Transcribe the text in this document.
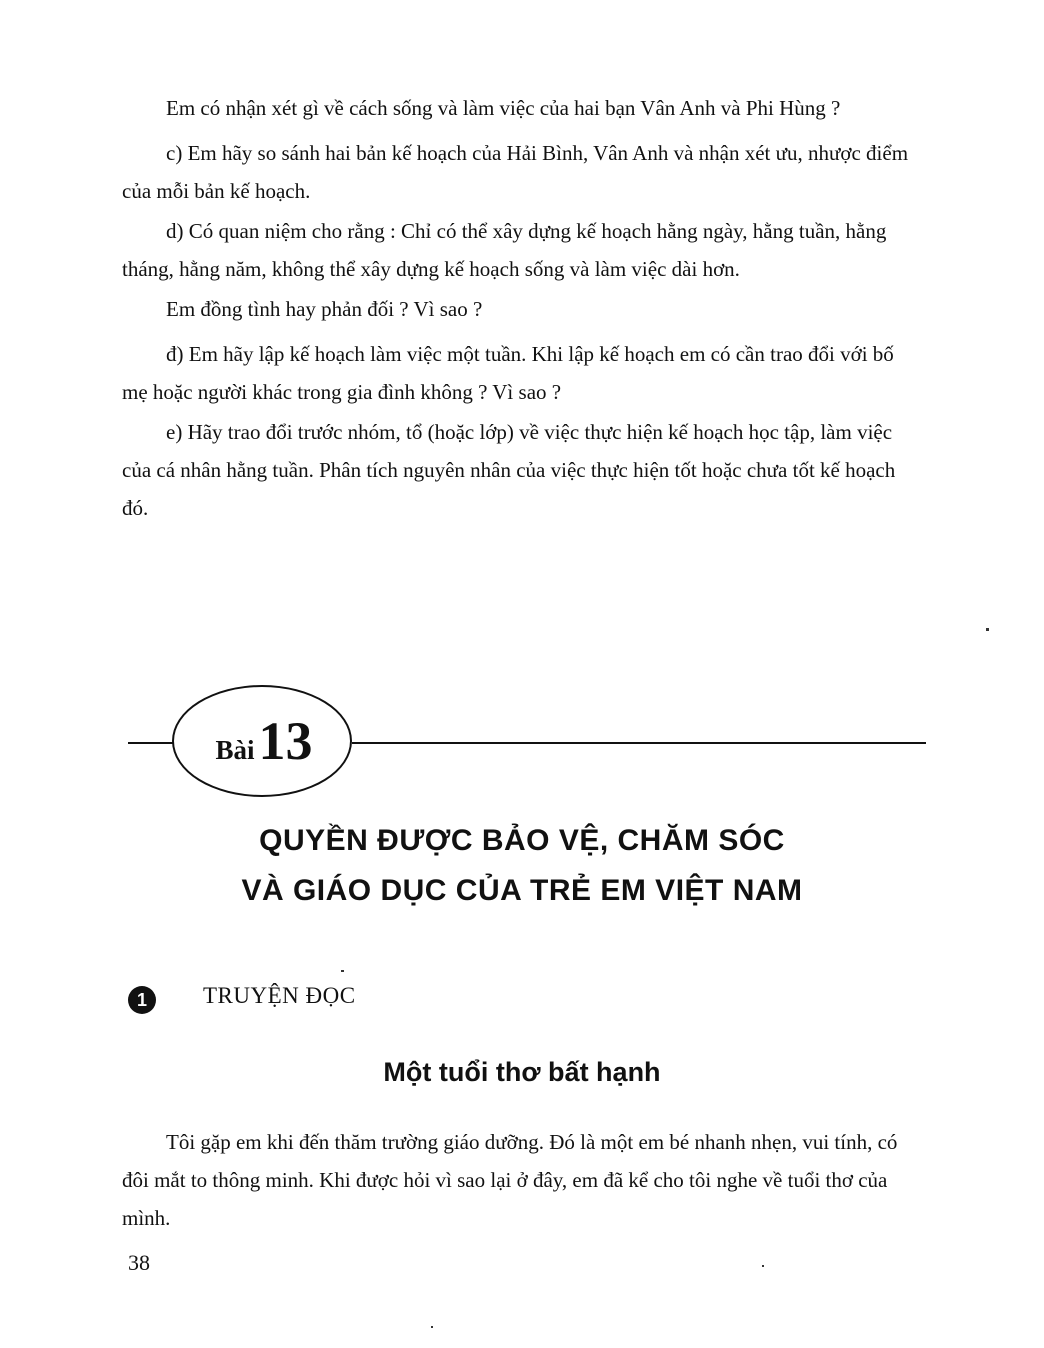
Em có nhận xét gì về cách sống và làm việc của hai bạn Vân Anh và Phi Hùng ?

c) Em hãy so sánh hai bản kế hoạch của Hải Bình, Vân Anh và nhận xét ưu, nhược điểm của mỗi bản kế hoạch.

d) Có quan niệm cho rằng : Chỉ có thể xây dựng kế hoạch hằng ngày, hằng tuần, hằng tháng, hằng năm, không thể xây dựng kế hoạch sống và làm việc dài hơn.

Em đồng tình hay phản đối ? Vì sao ?

đ) Em hãy lập kế hoạch làm việc một tuần. Khi lập kế hoạch em có cần trao đổi với bố mẹ hoặc người khác trong gia đình không ? Vì sao ?

e) Hãy trao đổi trước nhóm, tổ (hoặc lớp) về việc thực hiện kế hoạch học tập, làm việc của cá nhân hằng tuần. Phân tích nguyên nhân của việc thực hiện tốt hoặc chưa tốt kế hoạch đó.

Bài13
QUYỀN ĐƯỢC BẢO VỆ, CHĂM SÓC
VÀ GIÁO DỤC CỦA TRẺ EM VIỆT NAM
1	TRUYỆN ĐỌC
Một tuổi thơ bất hạnh

Tôi gặp em khi đến thăm trường giáo dưỡng. Đó là một em bé nhanh nhẹn, vui tính, có đôi mắt to thông minh. Khi được hỏi vì sao lại ở đây, em đã kể cho tôi nghe về tuổi thơ của mình.

38
